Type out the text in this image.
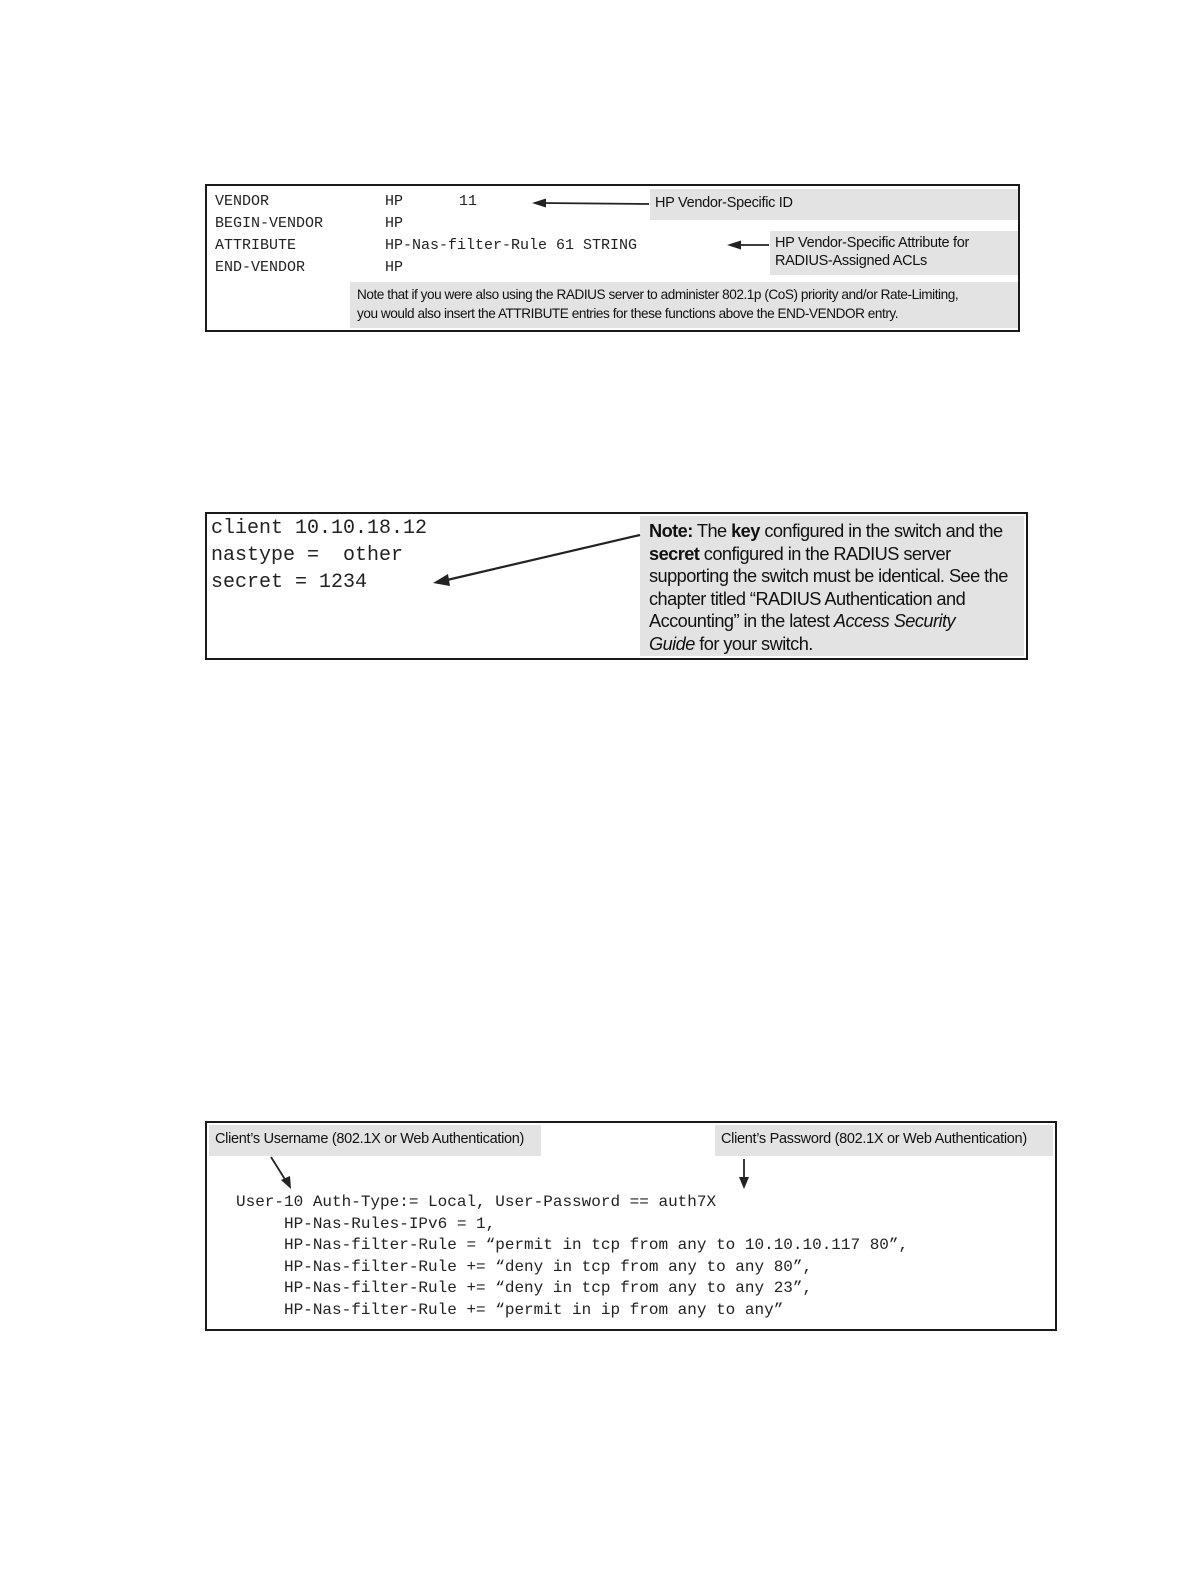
VENDOR	HP	11
BEGIN-VENDOR	HP
ATTRIBUTE	HP-Nas-filter-Rule 61 STRING
END-VENDOR	HP
HP Vendor-Specific ID
HP Vendor-Specific Attribute for
RADIUS-Assigned ACLs
Note that if you were also using the RADIUS server to administer 802.1p (CoS) priority and/or Rate-Limiting,
you would also insert the ATTRIBUTE entries for these functions above the END-VENDOR entry.
client 10.10.18.12
nastype =  other
secret = 1234
Note: The key configured in the switch and the
secret configured in the RADIUS server
supporting the switch must be identical. See the
chapter titled “RADIUS Authentication and
Accounting” in the latest Access Security
Guide for your switch.
Client’s Username (802.1X or Web Authentication)	Client’s Password (802.1X or Web Authentication)
User-10 Auth-Type:= Local, User-Password == auth7X
HP-Nas-Rules-IPv6 = 1,
HP-Nas-filter-Rule = “permit in tcp from any to 10.10.10.117 80”,
HP-Nas-filter-Rule += “deny in tcp from any to any 80”,
HP-Nas-filter-Rule += “deny in tcp from any to any 23”,
HP-Nas-filter-Rule += “permit in ip from any to any”
